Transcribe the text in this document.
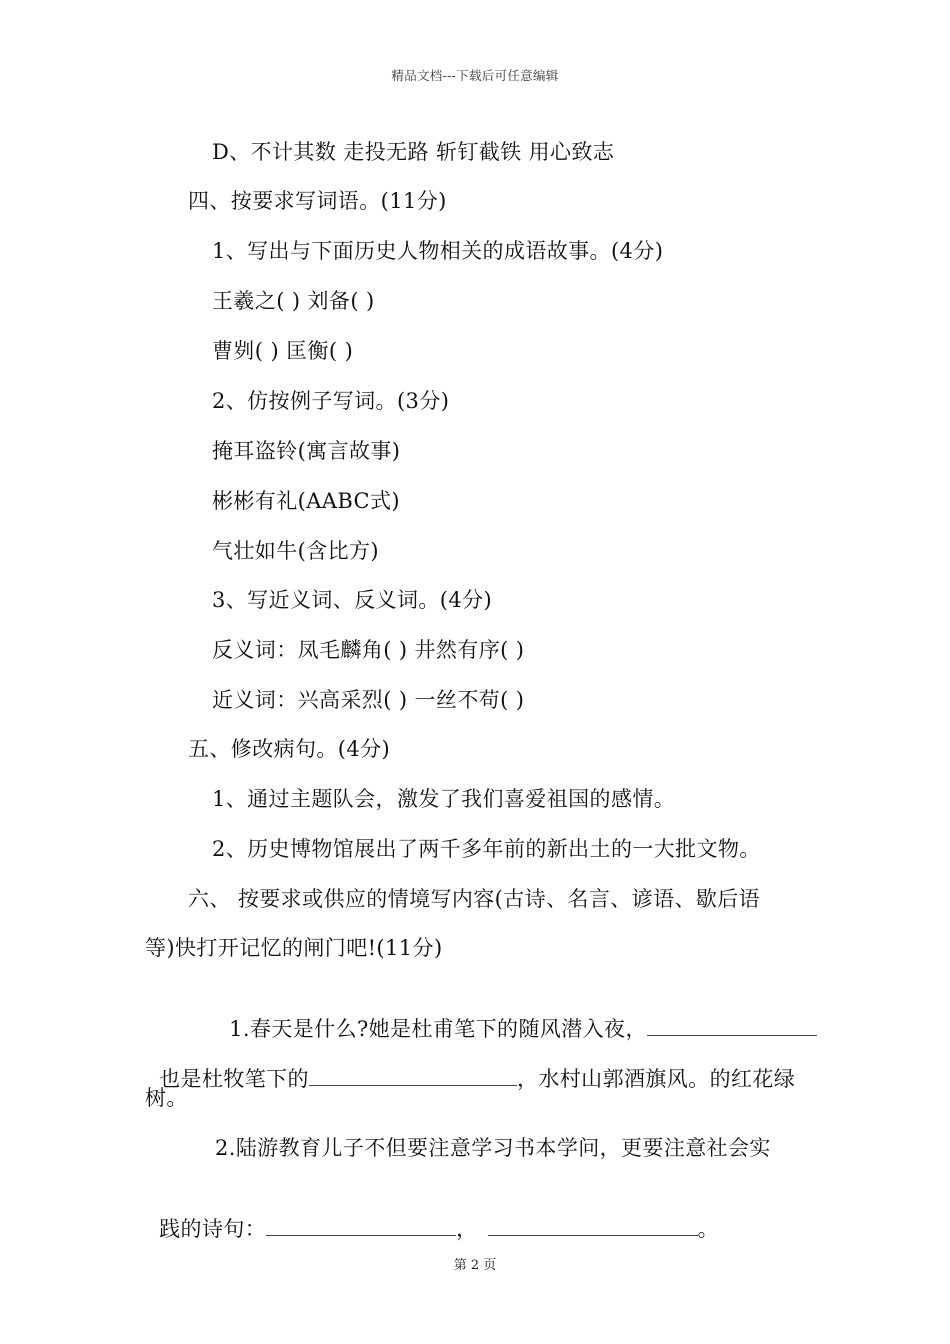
精品文档---下载后可任意编辑
D、不计其数 走投无路 斩钉截铁 用心致志
四、按要求写词语。(11分)
1、写出与下面历史人物相关的成语故事。(4分)
王羲之( ) 刘备( )
曹刿( ) 匡衡( )
2、仿按例子写词。(3分)
掩耳盗铃(寓言故事)
彬彬有礼(AABC式)
气壮如牛(含比方)
3、写近义词、反义词。(4分)
反义词：凤毛麟角( ) 井然有序( )
近义词：兴高采烈( ) 一丝不苟( )
五、修改病句。(4分)
1、通过主题队会，激发了我们喜爱祖国的感情。
2、历史博物馆展出了两千多年前的新出土的一大批文物。
六、 按要求或供应的情境写内容(古诗、名言、谚语、歇后语
等)快打开记忆的闸门吧!(11分)

1.春天是什么?她是杜甫笔下的随风潜入夜，

也是杜牧笔下的	，水村山郭酒旗风。的红花绿

树。
2.陆游教育儿子不但要注意学习书本学问，更要注意社会实

践的诗句：	，	。

第 2 页
